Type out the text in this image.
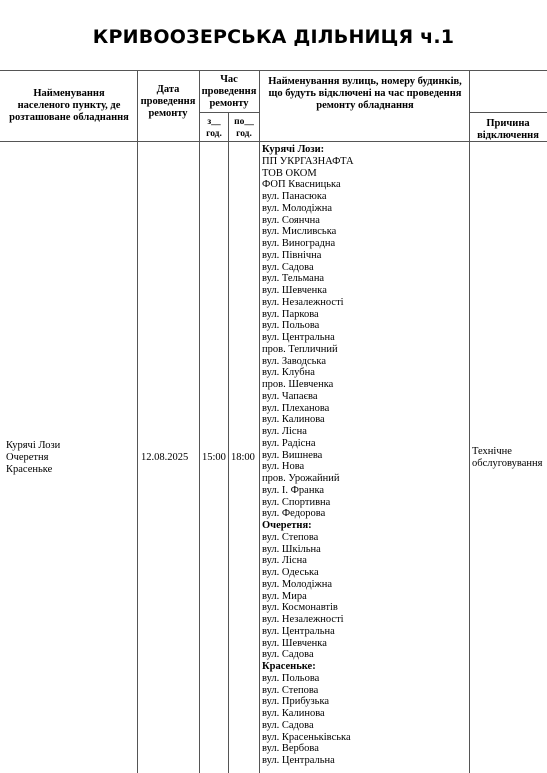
КРИВООЗЕРСЬКА ДІЛЬНИЦЯ ч.1
Найменування населеного пункту, де розташоване обладнання
Дата проведення ремонту
Час проведення ремонту
з__ год.
по__ год.
Найменування вулиць, номеру будинків, що будуть відключені на час проведення ремонту обладнання
Причина відключення
Курячі Лози
Очеретня
Красеньке
12.08.2025 15:00 18:00
Технічне
обслуговування
Курячі Лози:
ПП УКРГАЗНАФТА
ТОВ ОКОМ
ФОП Квасницька
вул. Панасюка
вул. Молодіжна
вул. Соянчна
вул. Мисливська
вул. Виноградна
вул. Північна
вул. Садова
вул. Тельмана
вул. Шевченка
вул. Незалежності
вул. Паркова
вул. Польова
вул. Центральна
пров. Тепличний
вул. Заводська
вул. Клубна
пров. Шевченка
вул. Чапаєва
вул. Плеханова
вул. Калинова
вул. Лісна
вул. Радісна
вул. Вишнева
вул. Нова
пров. Урожайний
вул. І. Франка
вул. Спортивна
вул. Федорова
Очеретня:
вул. Степова
вул. Шкільна
вул. Лісна
вул. Одеська
вул. Молодіжна
вул. Мира
вул. Космонавтів
вул. Незалежності
вул. Центральна
вул. Шевченка
вул. Садова
Красеньке:
вул. Польова
вул. Степова
вул. Прибузька
вул. Калинова
вул. Садова
вул. Красеньківська
вул. Вербова
вул. Центральна
